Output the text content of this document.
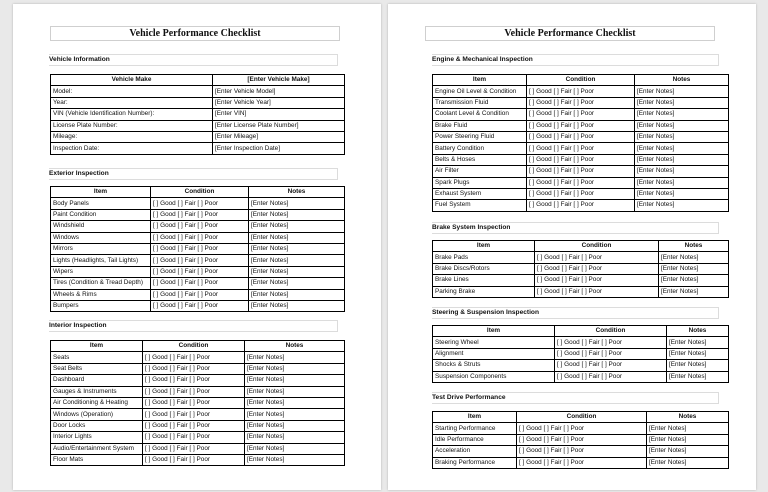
Vehicle Performance Checklist
Vehicle Information
Vehicle Make	[Enter Vehicle Make]
Model:	[Enter Vehicle Model]
Year:	[Enter Vehicle Year]
VIN (Vehicle Identification Number):	[Enter VIN]
License Plate Number:	[Enter License Plate Number]
Mileage:	[Enter Mileage]
Inspection Date:	[Enter Inspection Date]
Exterior Inspection
Item	Condition	Notes
Body Panels	[ ] Good [ ] Fair [ ] Poor	[Enter Notes]
Paint Condition	[ ] Good [ ] Fair [ ] Poor	[Enter Notes]
Windshield	[ ] Good [ ] Fair [ ] Poor	[Enter Notes]
Windows	[ ] Good [ ] Fair [ ] Poor	[Enter Notes]
Mirrors	[ ] Good [ ] Fair [ ] Poor	[Enter Notes]
Lights (Headlights, Tail Lights)	[ ] Good [ ] Fair [ ] Poor	[Enter Notes]
Wipers	[ ] Good [ ] Fair [ ] Poor	[Enter Notes]
Tires (Condition & Tread Depth)	[ ] Good [ ] Fair [ ] Poor	[Enter Notes]
Wheels & Rims	[ ] Good [ ] Fair [ ] Poor	[Enter Notes]
Bumpers	[ ] Good [ ] Fair [ ] Poor	[Enter Notes]
Interior Inspection
Item	Condition	Notes
Seats	[ ] Good [ ] Fair [ ] Poor	[Enter Notes]
Seat Belts	[ ] Good [ ] Fair [ ] Poor	[Enter Notes]
Dashboard	[ ] Good [ ] Fair [ ] Poor	[Enter Notes]
Gauges & Instruments	[ ] Good [ ] Fair [ ] Poor	[Enter Notes]
Air Conditioning & Heating	[ ] Good [ ] Fair [ ] Poor	[Enter Notes]
Windows (Operation)	[ ] Good [ ] Fair [ ] Poor	[Enter Notes]
Door Locks	[ ] Good [ ] Fair [ ] Poor	[Enter Notes]
Interior Lights	[ ] Good [ ] Fair [ ] Poor	[Enter Notes]
Audio/Entertainment System	[ ] Good [ ] Fair [ ] Poor	[Enter Notes]
Floor Mats	[ ] Good [ ] Fair [ ] Poor	[Enter Notes]
Vehicle Performance Checklist
Engine & Mechanical Inspection
Item	Condition	Notes
Engine Oil Level & Condition	[ ] Good [ ] Fair [ ] Poor	[Enter Notes]
Transmission Fluid	[ ] Good [ ] Fair [ ] Poor	[Enter Notes]
Coolant Level & Condition	[ ] Good [ ] Fair [ ] Poor	[Enter Notes]
Brake Fluid	[ ] Good [ ] Fair [ ] Poor	[Enter Notes]
Power Steering Fluid	[ ] Good [ ] Fair [ ] Poor	[Enter Notes]
Battery Condition	[ ] Good [ ] Fair [ ] Poor	[Enter Notes]
Belts & Hoses	[ ] Good [ ] Fair [ ] Poor	[Enter Notes]
Air Filter	[ ] Good [ ] Fair [ ] Poor	[Enter Notes]
Spark Plugs	[ ] Good [ ] Fair [ ] Poor	[Enter Notes]
Exhaust System	[ ] Good [ ] Fair [ ] Poor	[Enter Notes]
Fuel System	[ ] Good [ ] Fair [ ] Poor	[Enter Notes]
Brake System Inspection
Item	Condition	Notes
Brake Pads	[ ] Good [ ] Fair [ ] Poor	[Enter Notes]
Brake Discs/Rotors	[ ] Good [ ] Fair [ ] Poor	[Enter Notes]
Brake Lines	[ ] Good [ ] Fair [ ] Poor	[Enter Notes]
Parking Brake	[ ] Good [ ] Fair [ ] Poor	[Enter Notes]
Steering & Suspension Inspection
Item	Condition	Notes
Steering Wheel	[ ] Good [ ] Fair [ ] Poor	[Enter Notes]
Alignment	[ ] Good [ ] Fair [ ] Poor	[Enter Notes]
Shocks & Struts	[ ] Good [ ] Fair [ ] Poor	[Enter Notes]
Suspension Components	[ ] Good [ ] Fair [ ] Poor	[Enter Notes]
Test Drive Performance
Item	Condition	Notes
Starting Performance	[ ] Good [ ] Fair [ ] Poor	[Enter Notes]
Idle Performance	[ ] Good [ ] Fair [ ] Poor	[Enter Notes]
Acceleration	[ ] Good [ ] Fair [ ] Poor	[Enter Notes]
Braking Performance	[ ] Good [ ] Fair [ ] Poor	[Enter Notes]
